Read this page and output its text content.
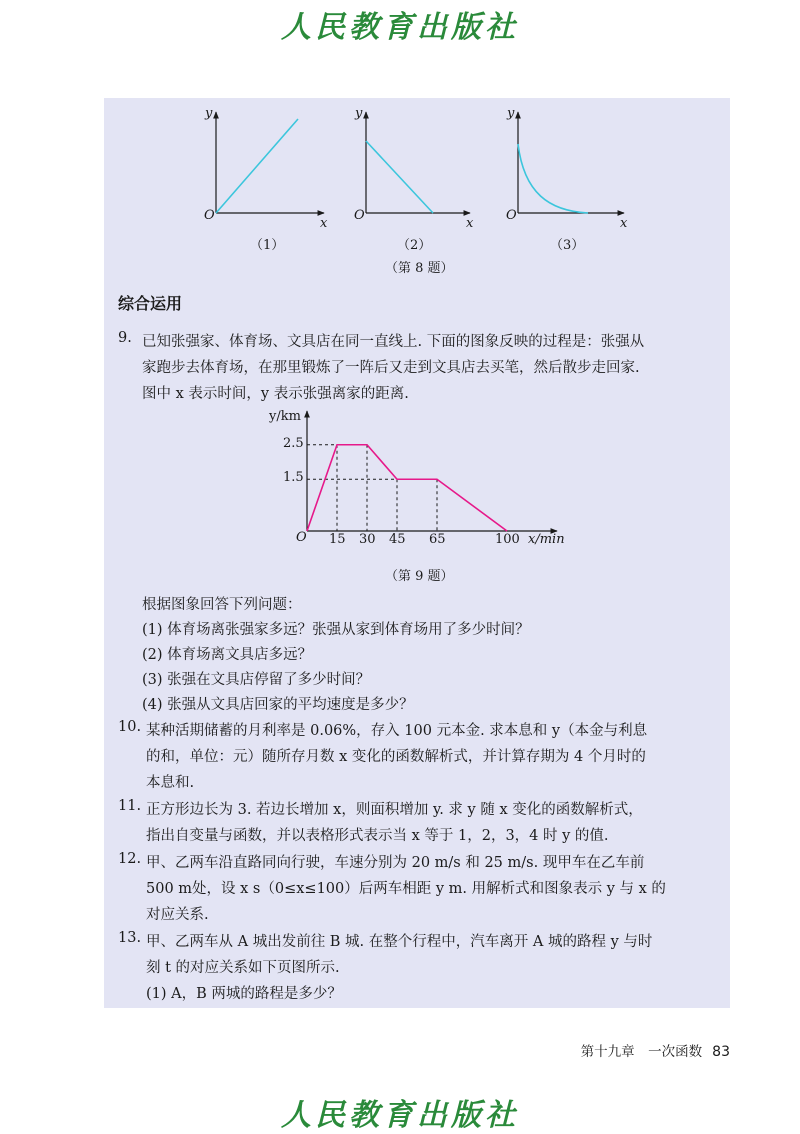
人民教育出版社
y
x
O
y
x
O
y
x
O
（1）	（2）	（3）
（第 8 题）
综合运用
9. 已知张强家、体育场、文具店在同一直线上. 下面的图象反映的过程是：张强从
家跑步去体育场，在那里锻炼了一阵后又走到文具店去买笔，然后散步走回家.
图中 x 表示时间，y 表示张强离家的距离.
y/km
x/min
O 15 30 45 65	100
1.5
2.5
（第 9 题）
根据图象回答下列问题：
(1) 体育场离张强家多远？张强从家到体育场用了多少时间？
(2) 体育场离文具店多远？
(3) 张强在文具店停留了多少时间？
(4) 张强从文具店回家的平均速度是多少？
10. 某种活期储蓄的月利率是 0.06%，存入 100 元本金. 求本息和 y（本金与利息
的和，单位：元）随所存月数 x 变化的函数解析式，并计算存期为 4 个月时的
本息和.
11. 正方形边长为 3. 若边长增加 x，则面积增加 y. 求 y 随 x 变化的函数解析式，
指出自变量与函数，并以表格形式表示当 x 等于 1，2，3，4 时 y 的值.
12. 甲、乙两车沿直路同向行驶，车速分别为 20 m/s 和 25 m/s. 现甲车在乙车前
500 m处，设 x s（0≤x≤100）后两车相距 y m. 用解析式和图象表示 y 与 x 的
对应关系.
13. 甲、乙两车从 A 城出发前往 B 城. 在整个行程中，汽车离开 A 城的路程 y 与时
刻 t 的对应关系如下页图所示.
(1) A，B 两城的路程是多少？
第十九章　一次函数 83
人民教育出版社
